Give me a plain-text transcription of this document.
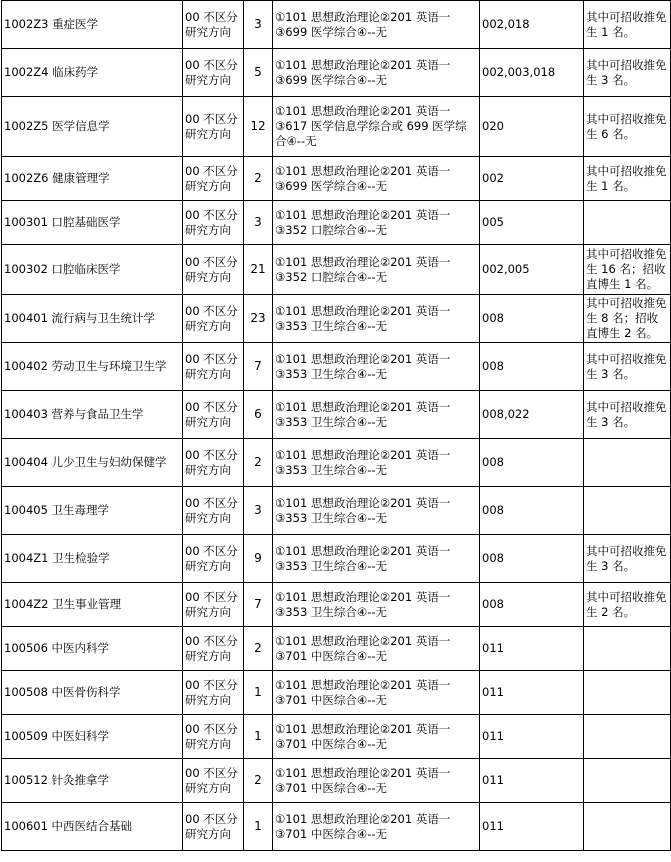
1002Z3 重症医学	00 不区分研究方向	3	①101 思想政治理论②201 英语一③699 医学综合④--无	002,018	其中可招收推免生 1 名。
1002Z4 临床药学	00 不区分研究方向	5	①101 思想政治理论②201 英语一③699 医学综合④--无	002,003,018	其中可招收推免生 3 名。
1002Z5 医学信息学	00 不区分研究方向	12	①101 思想政治理论②201 英语一③617 医学信息学综合或 699 医学综合④--无	020	其中可招收推免生 6 名。
1002Z6 健康管理学	00 不区分研究方向	2	①101 思想政治理论②201 英语一③699 医学综合④--无	002	其中可招收推免生 1 名。
100301 口腔基础医学	00 不区分研究方向	3	①101 思想政治理论②201 英语一③352 口腔综合④--无	005	
100302 口腔临床医学	00 不区分研究方向	21	①101 思想政治理论②201 英语一③352 口腔综合④--无	002,005	其中可招收推免生 16 名；招收直博生 1 名。
100401 流行病与卫生统计学	00 不区分研究方向	23	①101 思想政治理论②201 英语一③353 卫生综合④--无	008	其中可招收推免生 8 名；招收直博生 2 名。
100402 劳动卫生与环境卫生学	00 不区分研究方向	7	①101 思想政治理论②201 英语一③353 卫生综合④--无	008	其中可招收推免生 3 名。
100403 营养与食品卫生学	00 不区分研究方向	6	①101 思想政治理论②201 英语一③353 卫生综合④--无	008,022	其中可招收推免生 3 名。
100404 儿少卫生与妇幼保健学	00 不区分研究方向	2	①101 思想政治理论②201 英语一③353 卫生综合④--无	008	
100405 卫生毒理学	00 不区分研究方向	3	①101 思想政治理论②201 英语一③353 卫生综合④--无	008	
1004Z1 卫生检验学	00 不区分研究方向	9	①101 思想政治理论②201 英语一③353 卫生综合④--无	008	其中可招收推免生 3 名。
1004Z2 卫生事业管理	00 不区分研究方向	7	①101 思想政治理论②201 英语一③353 卫生综合④--无	008	其中可招收推免生 2 名。
100506 中医内科学	00 不区分研究方向	2	①101 思想政治理论②201 英语一③701 中医综合④--无	011	
100508 中医骨伤科学	00 不区分研究方向	1	①101 思想政治理论②201 英语一③701 中医综合④--无	011	
100509 中医妇科学	00 不区分研究方向	1	①101 思想政治理论②201 英语一③701 中医综合④--无	011	
100512 针灸推拿学	00 不区分研究方向	2	①101 思想政治理论②201 英语一③701 中医综合④--无	011	
100601 中西医结合基础	00 不区分研究方向	1	①101 思想政治理论②201 英语一③701 中医综合④--无	011	
